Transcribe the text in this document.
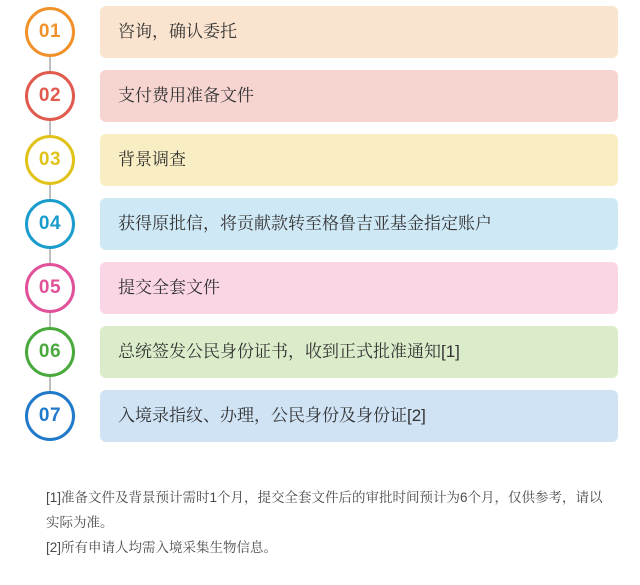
01	咨询，确认委托
02	支付费用准备文件
03	背景调查
04	获得原批信，将贡献款转至格鲁吉亚基金指定账户
05	提交全套文件
06	总统签发公民身份证书，收到正式批准通知[1]
07	入境录指纹、办理，公民身份及身份证[2]

[1]准备文件及背景预计需时1个月，提交全套文件后的审批时间预计为6个月，仅供参考，请以实际为准。

[2]所有申请人均需入境采集生物信息。
